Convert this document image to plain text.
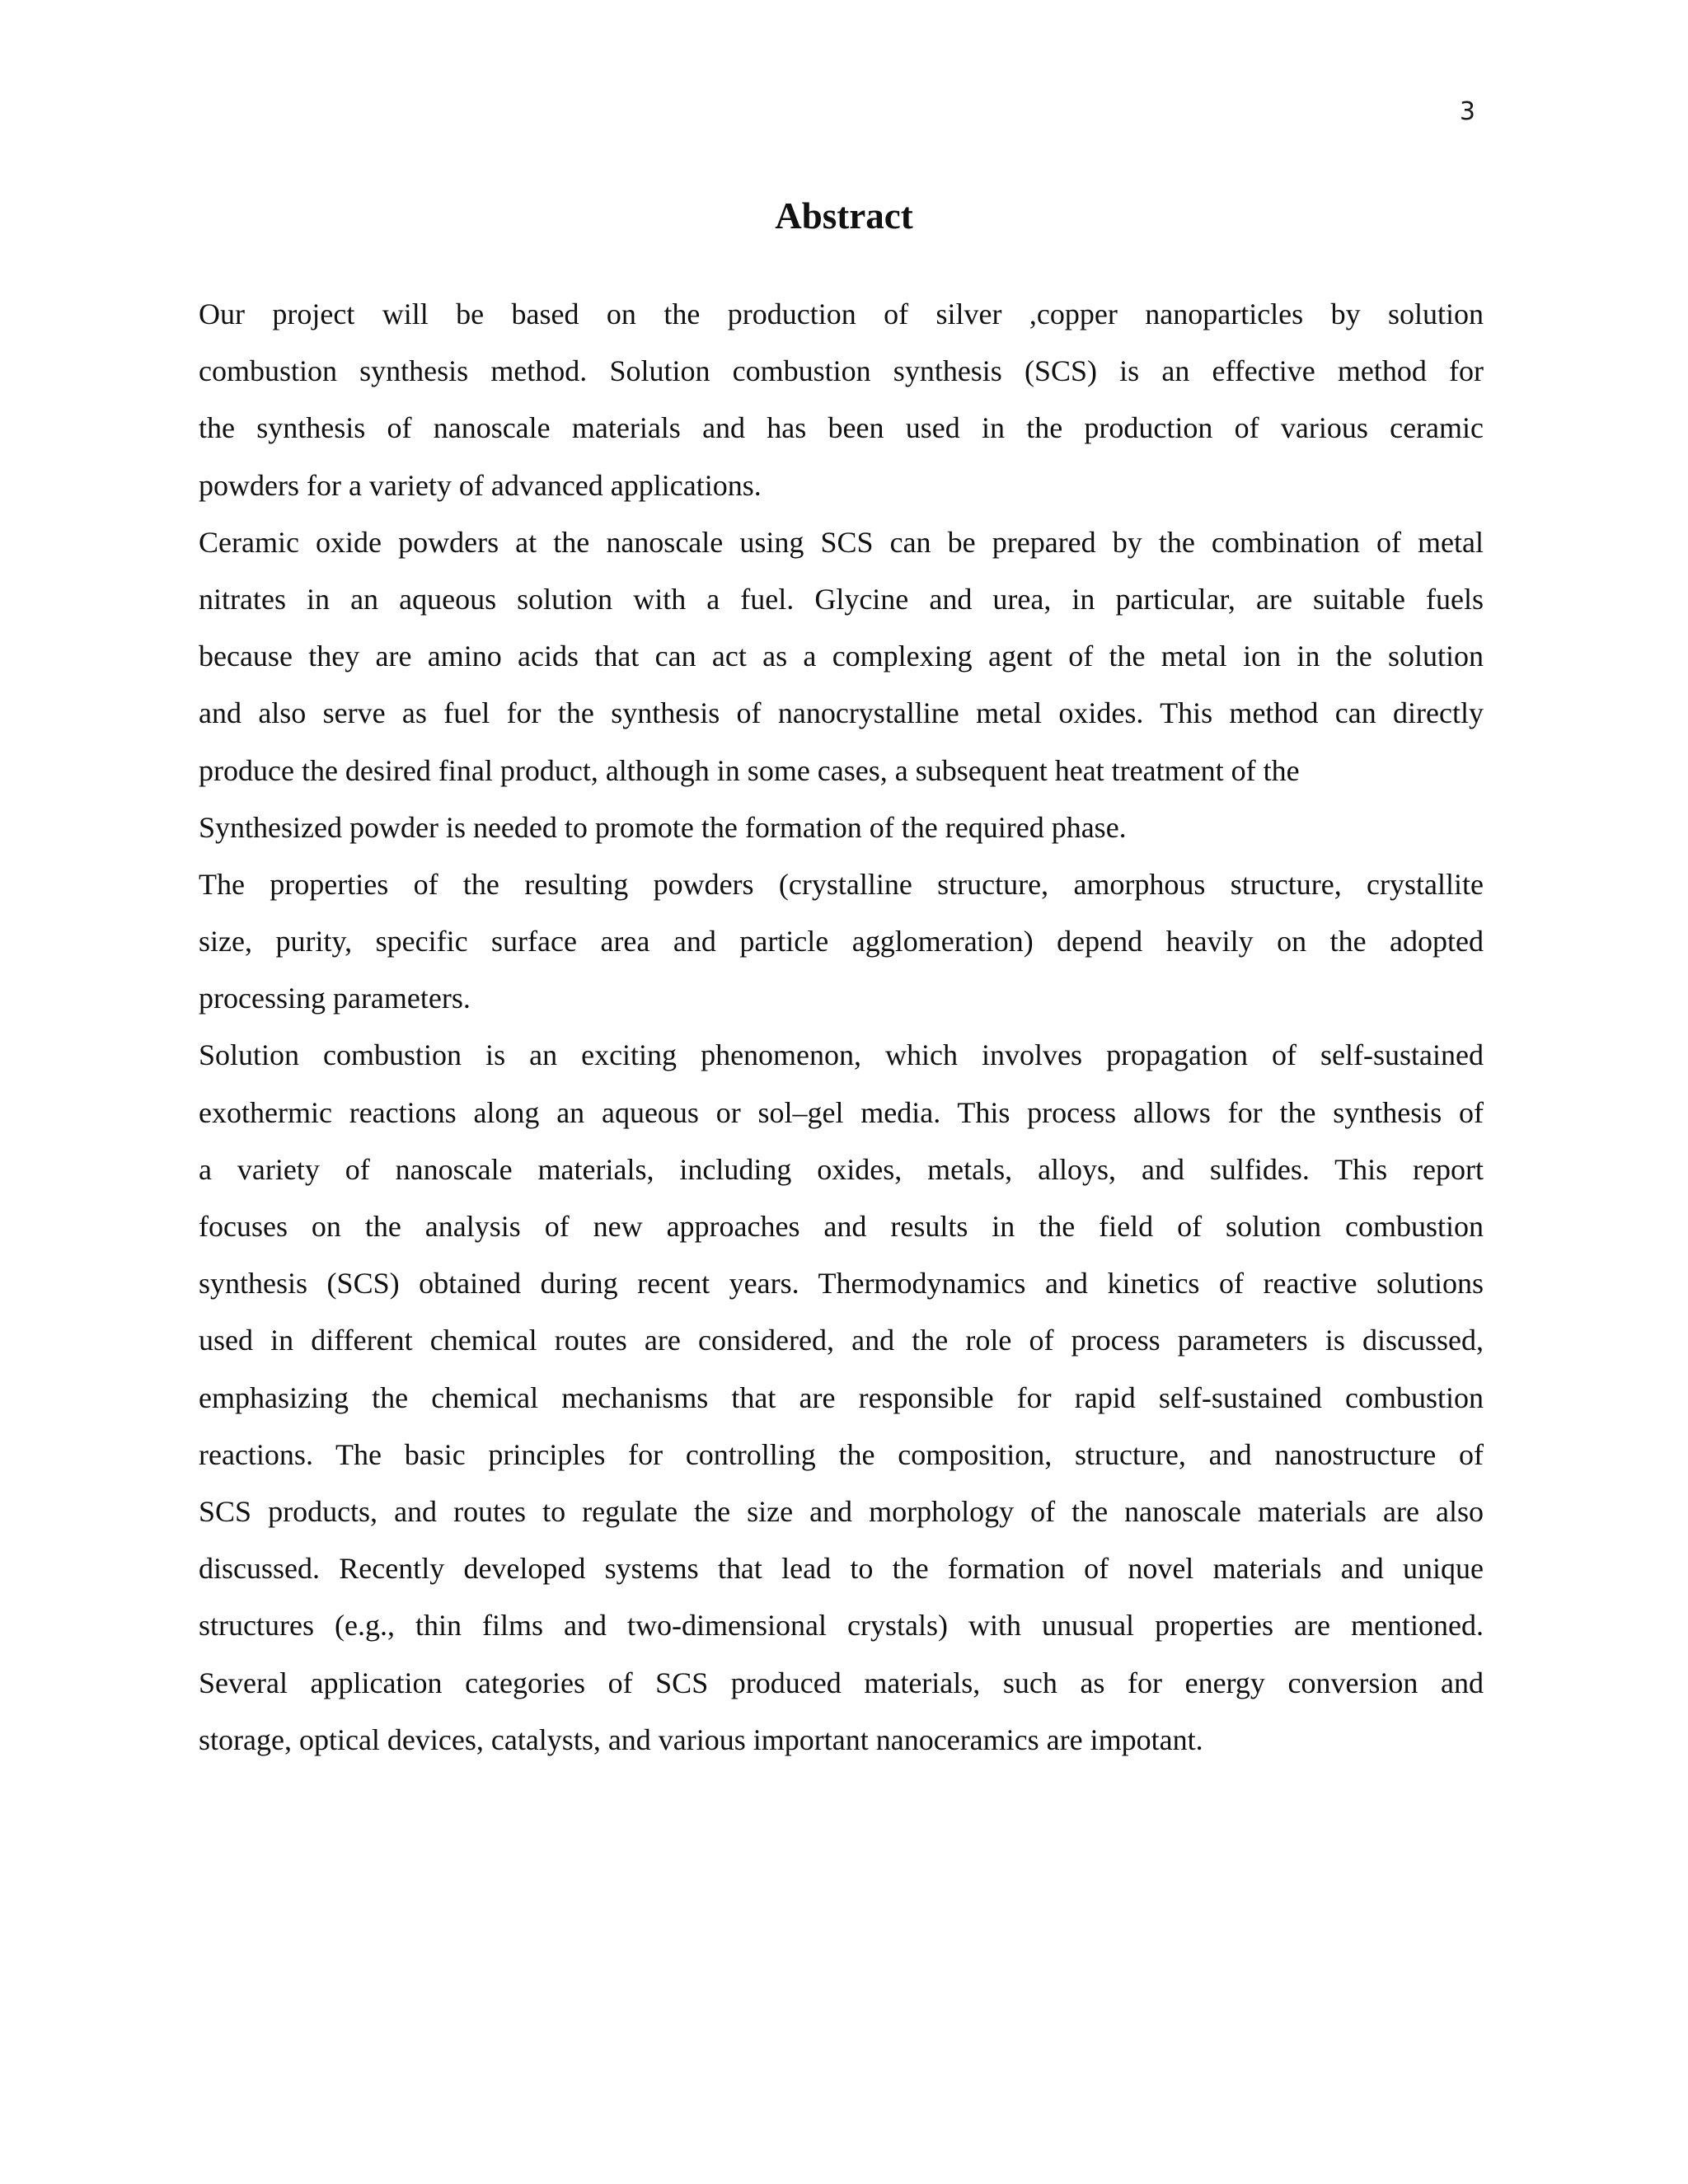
3
Abstract
Our project will be based on the production of silver ,copper nanoparticles by solution
combustion synthesis method. Solution combustion synthesis (SCS) is an effective method for
the synthesis of nanoscale materials and has been used in the production of various ceramic
powders for a variety of advanced applications.
Ceramic oxide powders at the nanoscale using SCS can be prepared by the combination of metal
nitrates in an aqueous solution with a fuel. Glycine and urea, in particular, are suitable fuels
because they are amino acids that can act as a complexing agent of the metal ion in the solution
and also serve as fuel for the synthesis of nanocrystalline metal oxides. This method can directly
produce the desired final product, although in some cases, a subsequent heat treatment of the
Synthesized powder is needed to promote the formation of the required phase.
The properties of the resulting powders (crystalline structure, amorphous structure, crystallite
size, purity, specific surface area and particle agglomeration) depend heavily on the adopted
processing parameters.
Solution combustion is an exciting phenomenon, which involves propagation of self-sustained
exothermic reactions along an aqueous or sol–gel media. This process allows for the synthesis of
a variety of nanoscale materials, including oxides, metals, alloys, and sulfides. This report
focuses on the analysis of new approaches and results in the field of solution combustion
synthesis (SCS) obtained during recent years. Thermodynamics and kinetics of reactive solutions
used in different chemical routes are considered, and the role of process parameters is discussed,
emphasizing the chemical mechanisms that are responsible for rapid self-sustained combustion
reactions. The basic principles for controlling the composition, structure, and nanostructure of
SCS products, and routes to regulate the size and morphology of the nanoscale materials are also
discussed. Recently developed systems that lead to the formation of novel materials and unique
structures (e.g., thin films and two-dimensional crystals) with unusual properties are mentioned.
Several application categories of SCS produced materials, such as for energy conversion and
storage, optical devices, catalysts, and various important nanoceramics are impotant.
